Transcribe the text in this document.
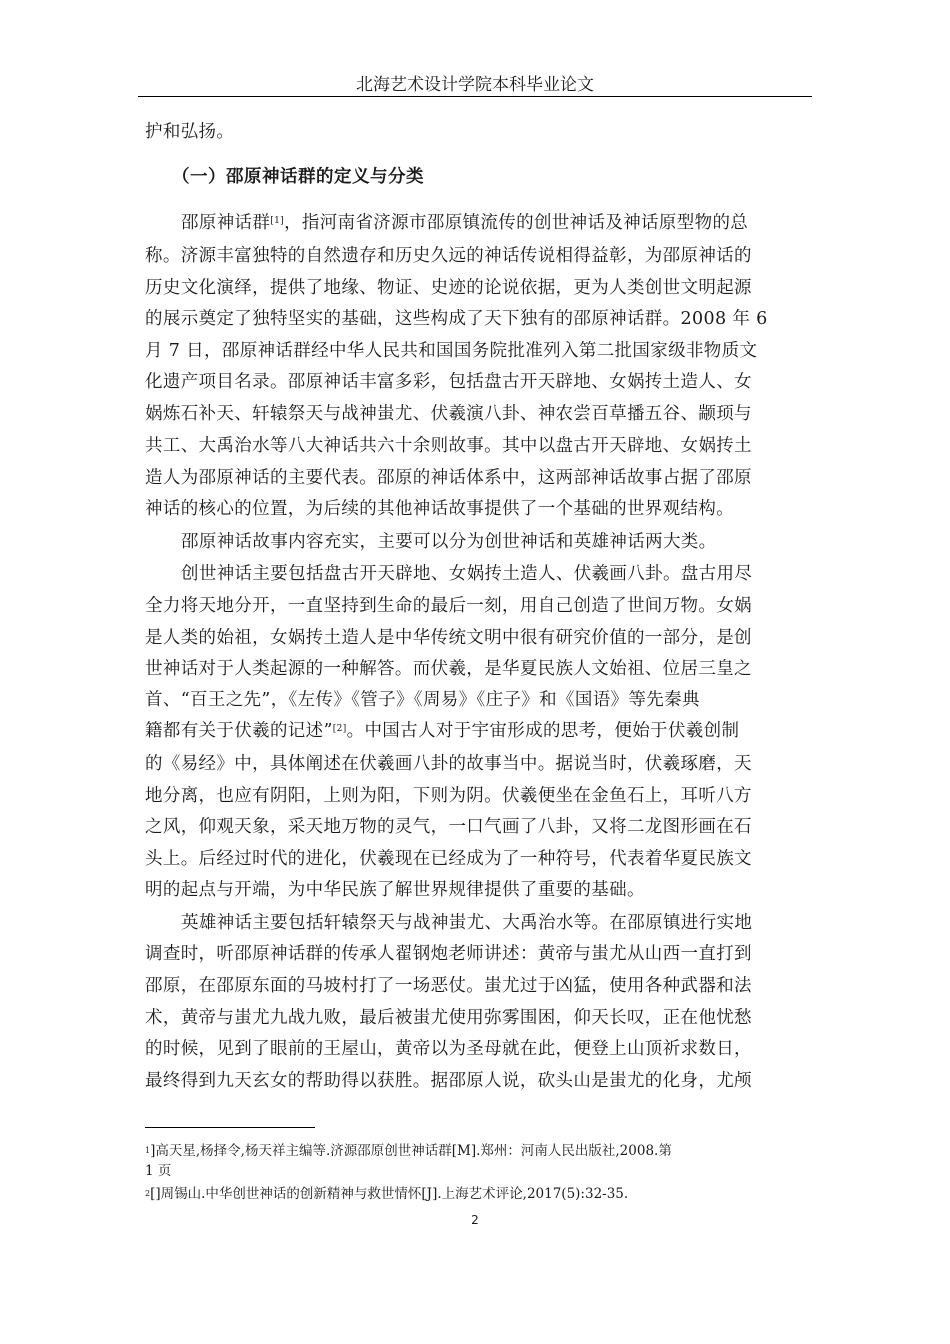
北海艺术设计学院本科毕业论文
护和弘扬。
（一）邵原神话群的定义与分类
邵原神话群[1]，指河南省济源市邵原镇流传的创世神话及神话原型物的总
称。济源丰富独特的自然遗存和历史久远的神话传说相得益彰，为邵原神话的
历史文化演绎，提供了地缘、物证、史迹的论说依据，更为人类创世文明起源
的展示奠定了独特坚实的基础，这些构成了天下独有的邵原神话群。2008 年 6
月 7 日，邵原神话群经中华人民共和国国务院批准列入第二批国家级非物质文
化遗产项目名录。邵原神话丰富多彩，包括盘古开天辟地、女娲抟土造人、女
娲炼石补天、轩辕祭天与战神蚩尤、伏羲演八卦、神农尝百草播五谷、颛顼与
共工、大禹治水等八大神话共六十余则故事。其中以盘古开天辟地、女娲抟土
造人为邵原神话的主要代表。邵原的神话体系中，这两部神话故事占据了邵原
神话的核心的位置，为后续的其他神话故事提供了一个基础的世界观结构。
邵原神话故事内容充实，主要可以分为创世神话和英雄神话两大类。
创世神话主要包括盘古开天辟地、女娲抟土造人、伏羲画八卦。盘古用尽
全力将天地分开，一直坚持到生命的最后一刻，用自己创造了世间万物。女娲
是人类的始祖，女娲抟土造人是中华传统文明中很有研究价值的一部分，是创
世神话对于人类起源的一种解答。而伏羲，是华夏民族人文始祖、位居三皇之
首、“百王之先”，《左传》《管子》《周易》《庄子》和《国语》等先秦典
籍都有关于伏羲的记述”[2]。中国古人对于宇宙形成的思考，便始于伏羲创制
的《易经》中，具体阐述在伏羲画八卦的故事当中。据说当时，伏羲琢磨，天
地分离，也应有阴阳，上则为阳，下则为阴。伏羲便坐在金鱼石上，耳听八方
之风，仰观天象，采天地万物的灵气，一口气画了八卦，又将二龙图形画在石
头上。后经过时代的进化，伏羲现在已经成为了一种符号，代表着华夏民族文
明的起点与开端，为中华民族了解世界规律提供了重要的基础。
英雄神话主要包括轩辕祭天与战神蚩尤、大禹治水等。在邵原镇进行实地
调查时，听邵原神话群的传承人翟钢炮老师讲述：黄帝与蚩尤从山西一直打到
邵原，在邵原东面的马坡村打了一场恶仗。蚩尤过于凶猛，使用各种武器和法
术，黄帝与蚩尤九战九败，最后被蚩尤使用弥雾围困，仰天长叹，正在他忧愁
的时候，见到了眼前的王屋山，黄帝以为圣母就在此，便登上山顶祈求数日，
最终得到九天玄女的帮助得以获胜。据邵原人说，砍头山是蚩尤的化身，尤颅
$^1$]高天星,杨择令,杨天祥主编等.济源邵原创世神话群[M].郑州：河南人民出版社,2008.第
1 页
$^2$[]周锡山.中华创世神话的创新精神与救世情怀[J].上海艺术评论,2017(5):32-35.
2
